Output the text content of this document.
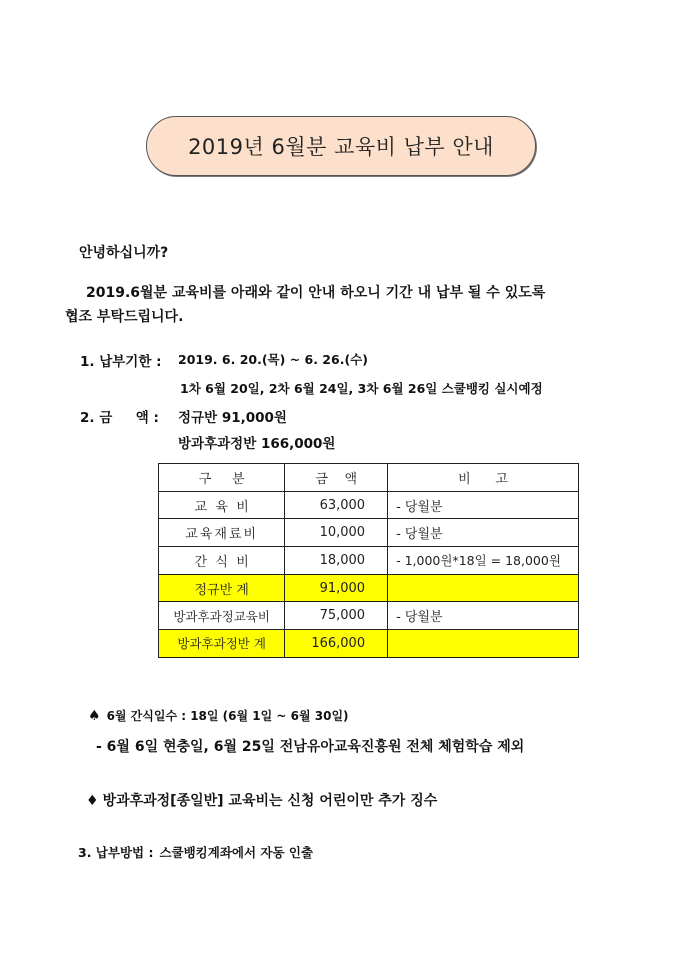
2019년 6월분 교육비 납부 안내
안녕하십니까?
2019.6월분 교육비를 아래와 같이 안내 하오니 기간 내 납부 될 수 있도록
협조 부탁드립니다.
1. 납부기한 : 2019. 6. 20.(목) ~ 6. 26.(수)
1차 6월 20일, 2차 6월 24일, 3차 6월 26일 스쿨뱅킹 실시예정
2. 금     액 : 정규반 91,000원
방과후과정반 166,000원
구     분	금    액	비      고
교  육  비	63,000	- 당월분
교육재료비	10,000	- 당월분
간  식  비	18,000	- 1,000원*18일 = 18,000원
정규반 계	91,000	
방과후과정교육비	75,000	- 당월분
방과후과정반 계	166,000	
♠ 6월 간식일수 : 18일 (6월 1일 ~ 6월 30일)
- 6월 6일 현충일, 6월 25일 전남유아교육진흥원 전체 체험학습 제외
♦ 방과후과정[종일반] 교육비는 신청 어린이만 추가 징수
3. 납부방법 : 스쿨뱅킹계좌에서 자동 인출
